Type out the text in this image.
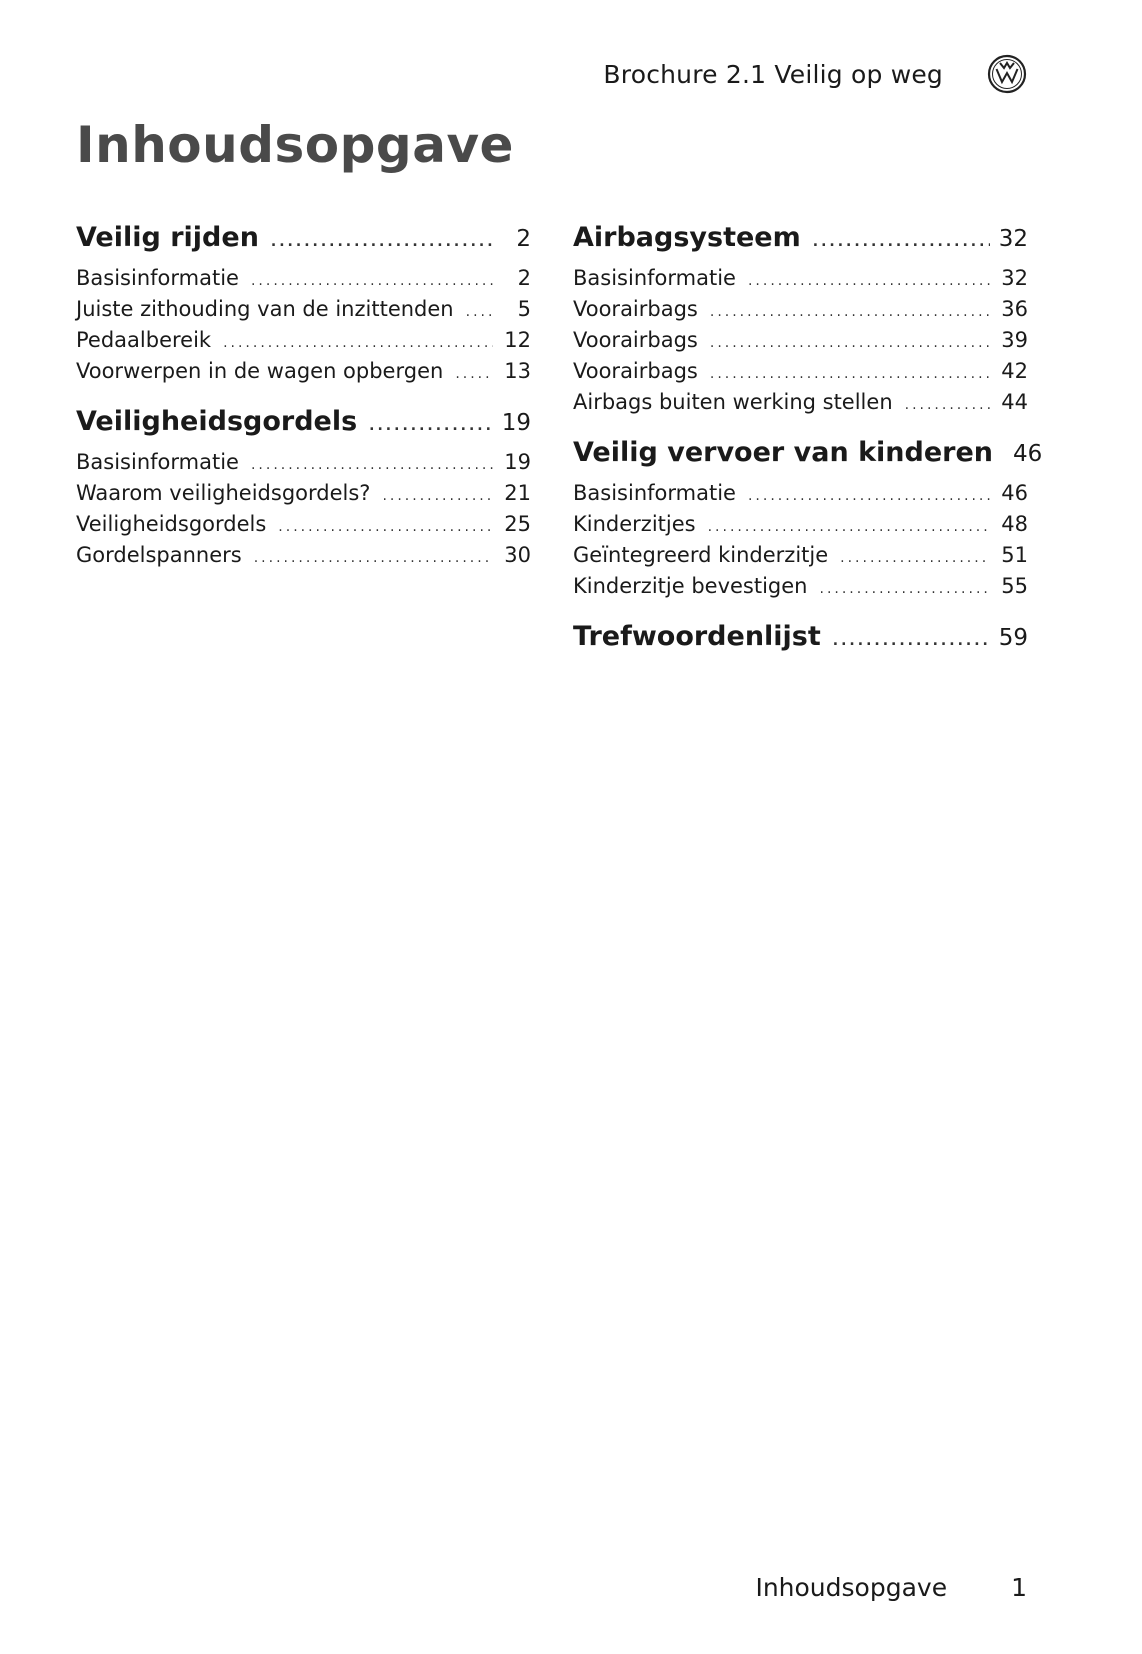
Brochure 2.1 Veilig op weg
Inhoudsopgave
Veilig rijden .....	2
Basisinformatie .....	2
Juiste zithouding van de inzittenden .....	5
Pedaalbereik .....	12
Voorwerpen in de wagen opbergen .....	13
Veiligheidsgordels .....	19
Basisinformatie .....	19
Waarom veiligheidsgordels? .....	21
Veiligheidsgordels .....	25
Gordelspanners .....	30
Airbagsysteem .....	32
Basisinformatie .....	32
Voorairbags .....	36
Voorairbags .....	39
Voorairbags .....	42
Airbags buiten werking stellen .....	44
Veilig vervoer van kinderen 46
Basisinformatie .....	46
Kinderzitjes .....	48
Geïntegreerd kinderzitje .....	51
Kinderzitje bevestigen .....	55
Trefwoordenlijst .....	59
Inhoudsopgave	1
